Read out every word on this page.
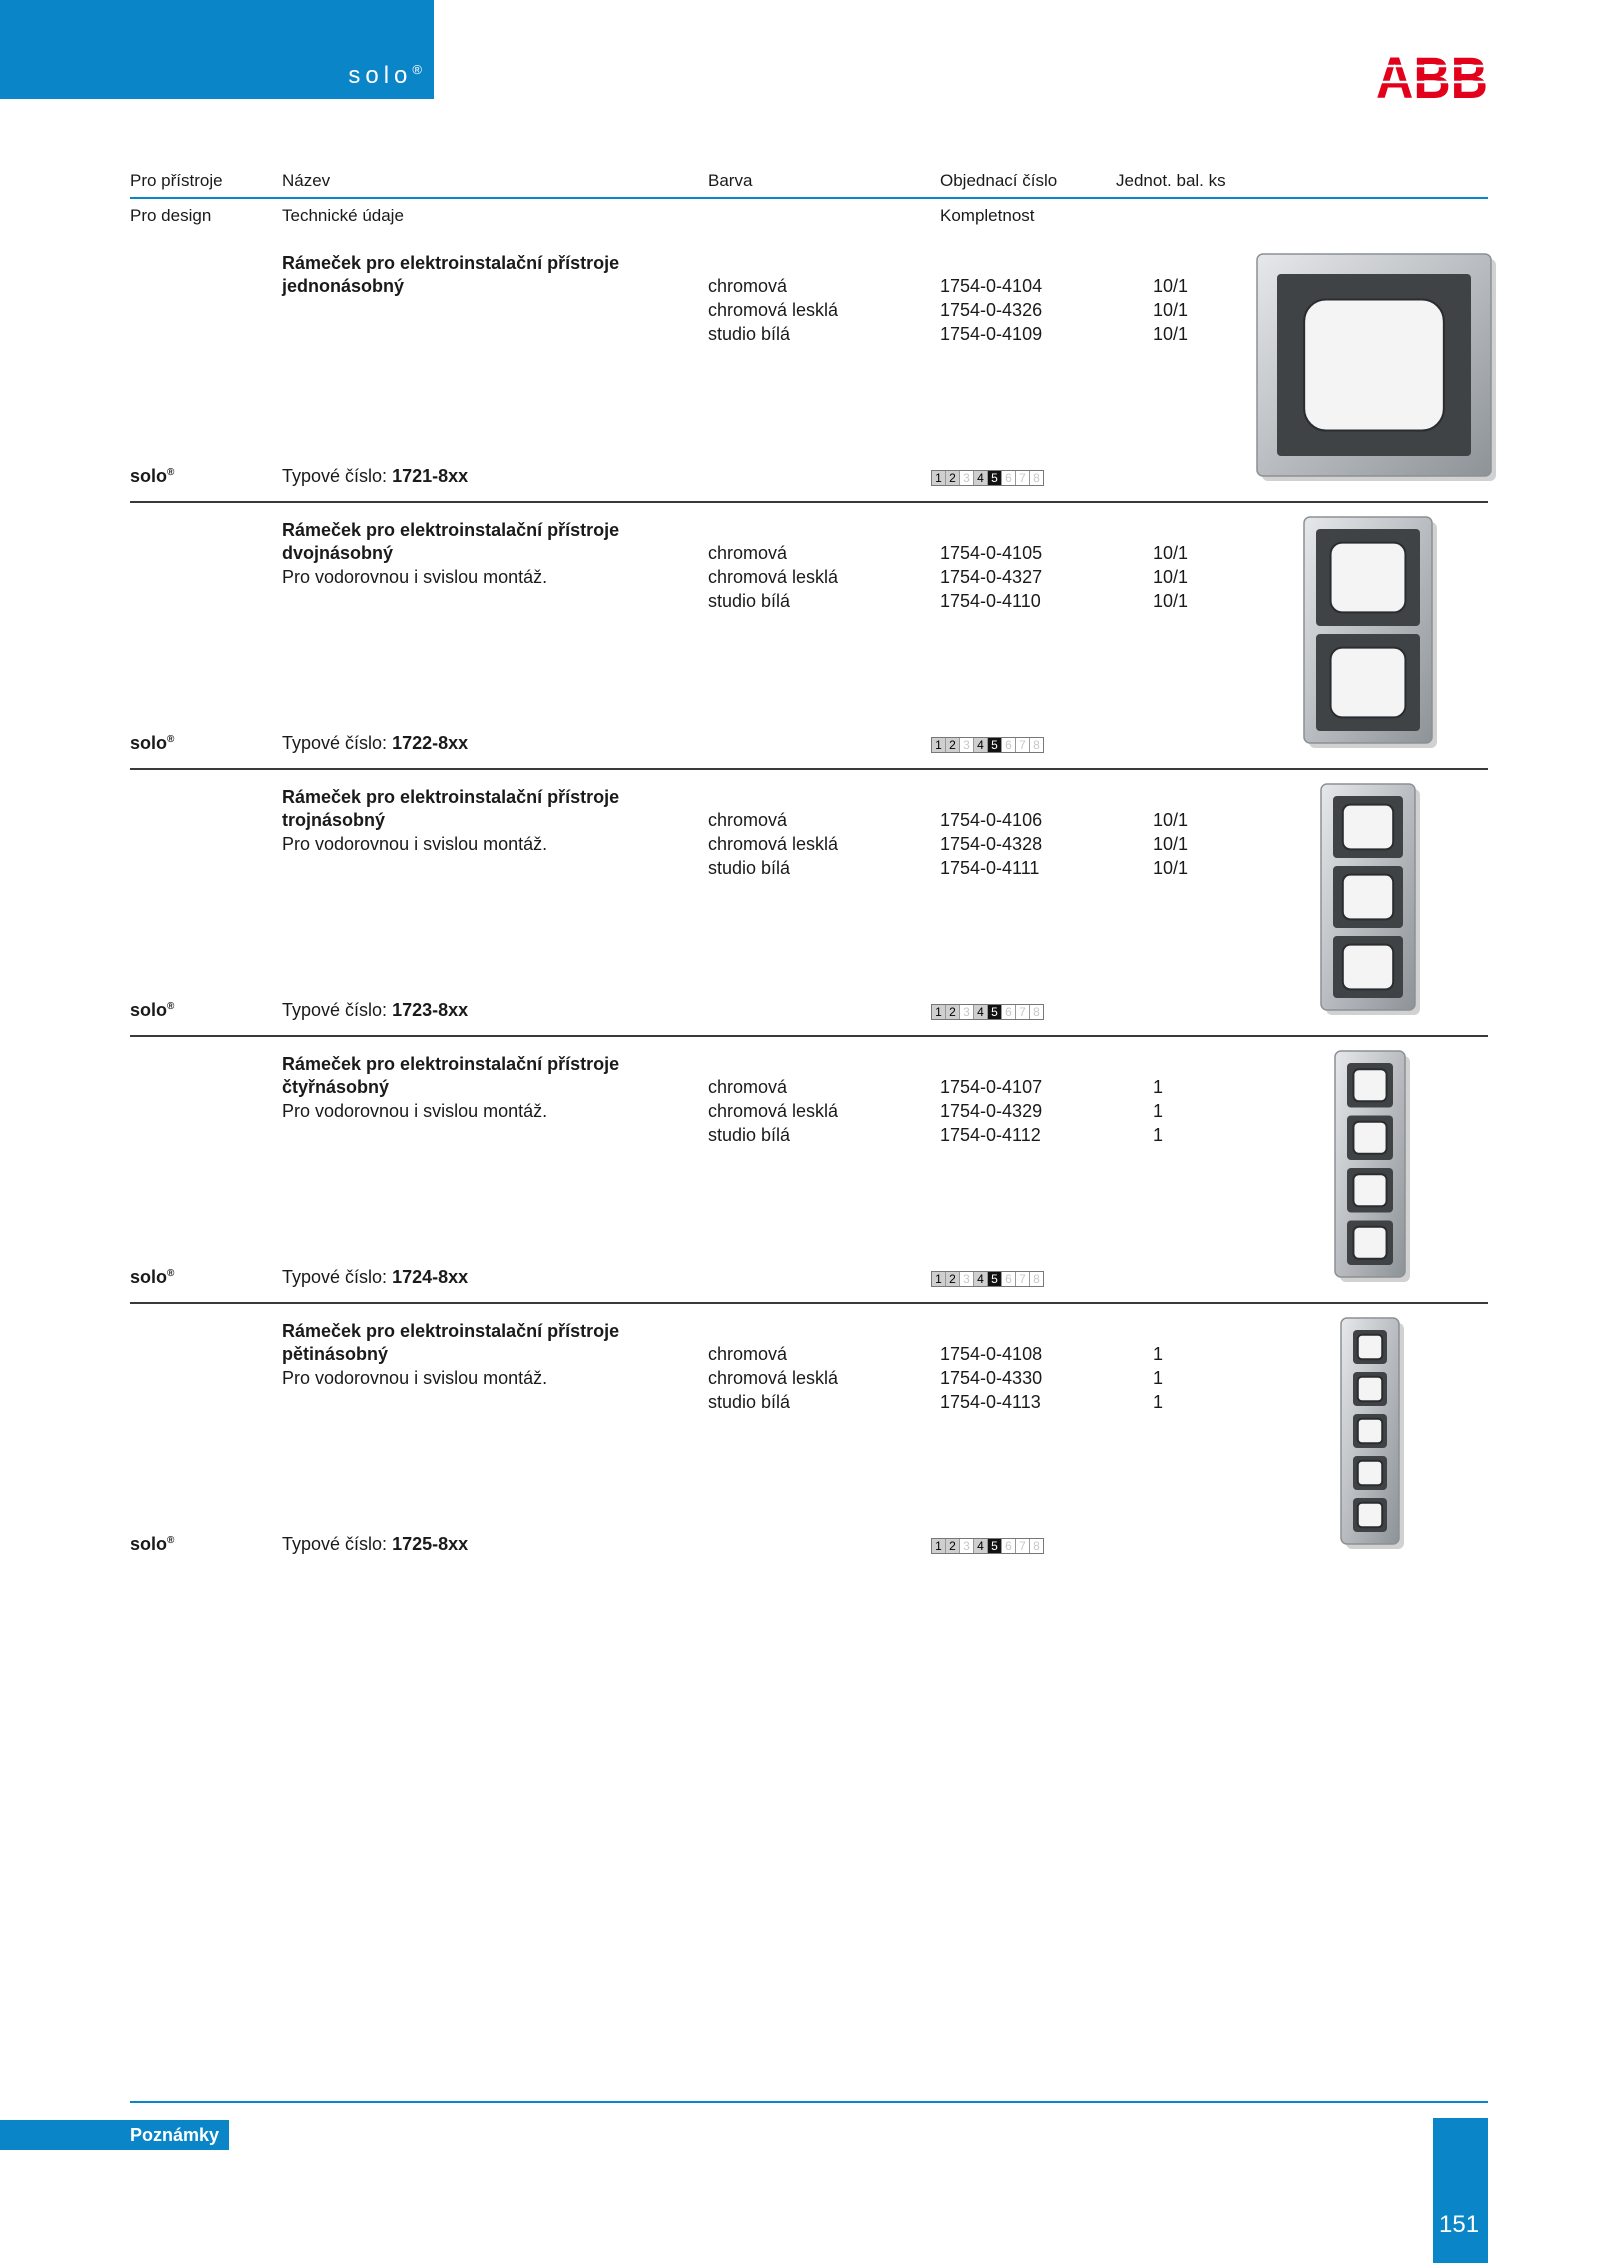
solo®	ABB
Pro přístroje	Název	Barva	Objednací číslo	Jednot. bal. ks
Pro design	Technické údaje	Kompletnost
Rámeček pro elektroinstalační přístroje
jednonásobný	chromová	1754-0-4104	10/1
chromová lesklá	1754-0-4326	10/1
studio bílá	1754-0-4109	10/1
solo®	Typové číslo: 1721-8xx	1 2 3 4 5 6 7 8
Rámeček pro elektroinstalační přístroje
dvojnásobný
Pro vodorovnou i svislou montáž.
chromová	1754-0-4105	10/1
chromová lesklá	1754-0-4327	10/1
studio bílá	1754-0-4110	10/1
solo®	Typové číslo: 1722-8xx	1 2 3 4 5 6 7 8
Rámeček pro elektroinstalační přístroje
trojnásobný
Pro vodorovnou i svislou montáž.
chromová	1754-0-4106	10/1
chromová lesklá	1754-0-4328	10/1
studio bílá	1754-0-4111	10/1
solo®	Typové číslo: 1723-8xx	1 2 3 4 5 6 7 8
Rámeček pro elektroinstalační přístroje
čtyřnásobný
Pro vodorovnou i svislou montáž.
chromová	1754-0-4107	1
chromová lesklá	1754-0-4329	1
studio bílá	1754-0-4112	1
solo®	Typové číslo: 1724-8xx	1 2 3 4 5 6 7 8
Rámeček pro elektroinstalační přístroje
pětinásobný
Pro vodorovnou i svislou montáž.
chromová	1754-0-4108	1
chromová lesklá	1754-0-4330	1
studio bílá	1754-0-4113	1
solo®	Typové číslo: 1725-8xx	1 2 3 4 5 6 7 8
Poznámky
151
